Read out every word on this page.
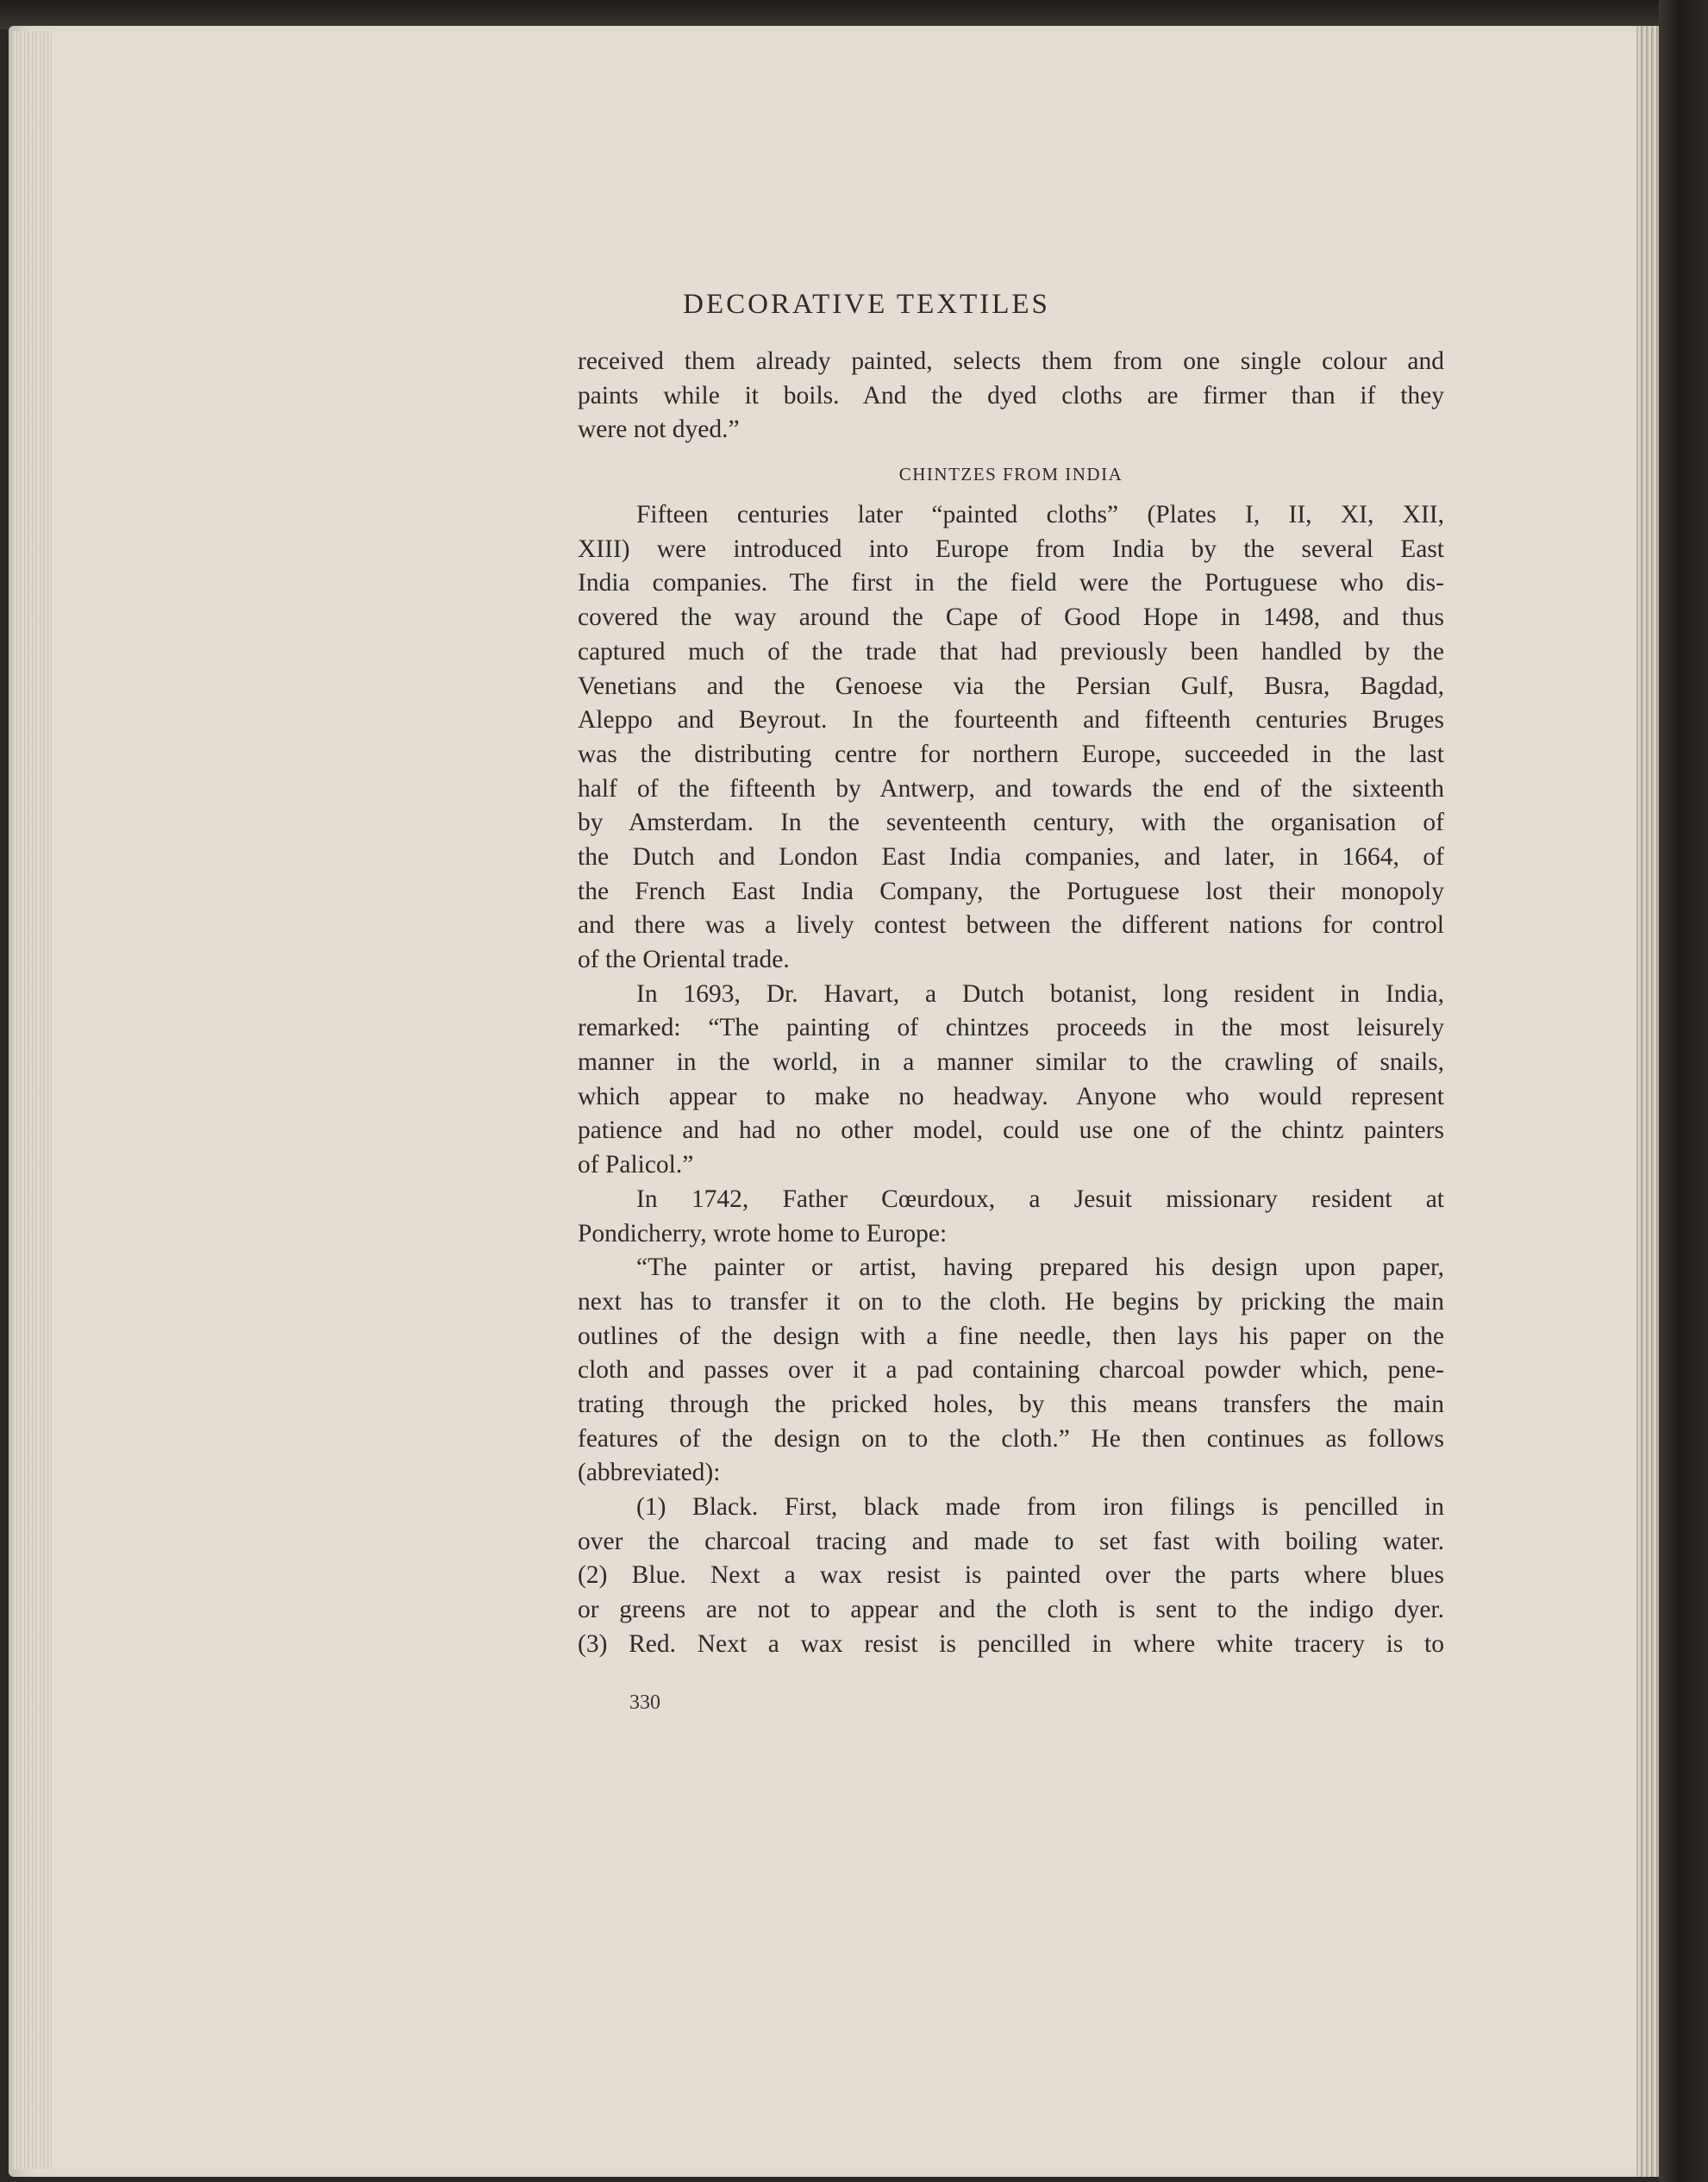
DECORATIVE TEXTILES
received them already painted, selects them from one single colour and
paints while it boils. And the dyed cloths are firmer than if they
were not dyed.”
CHINTZES FROM INDIA
Fifteen centuries later “painted cloths” (Plates I, II, XI, XII,
XIII) were introduced into Europe from India by the several East
India companies. The first in the field were the Portuguese who dis-
covered the way around the Cape of Good Hope in 1498, and thus
captured much of the trade that had previously been handled by the
Venetians and the Genoese via the Persian Gulf, Busra, Bagdad,
Aleppo and Beyrout. In the fourteenth and fifteenth centuries Bruges
was the distributing centre for northern Europe, succeeded in the last
half of the fifteenth by Antwerp, and towards the end of the sixteenth
by Amsterdam. In the seventeenth century, with the organisation of
the Dutch and London East India companies, and later, in 1664, of
the French East India Company, the Portuguese lost their monopoly
and there was a lively contest between the different nations for control
of the Oriental trade.
In 1693, Dr. Havart, a Dutch botanist, long resident in India,
remarked: “The painting of chintzes proceeds in the most leisurely
manner in the world, in a manner similar to the crawling of snails,
which appear to make no headway. Anyone who would represent
patience and had no other model, could use one of the chintz painters
of Palicol.”
In 1742, Father Cœurdoux, a Jesuit missionary resident at
Pondicherry, wrote home to Europe:
“The painter or artist, having prepared his design upon paper,
next has to transfer it on to the cloth. He begins by pricking the main
outlines of the design with a fine needle, then lays his paper on the
cloth and passes over it a pad containing charcoal powder which, pene-
trating through the pricked holes, by this means transfers the main
features of the design on to the cloth.” He then continues as follows
(abbreviated):
(1) Black. First, black made from iron filings is pencilled in
over the charcoal tracing and made to set fast with boiling water.
(2) Blue. Next a wax resist is painted over the parts where blues
or greens are not to appear and the cloth is sent to the indigo dyer.
(3) Red. Next a wax resist is pencilled in where white tracery is to
330
